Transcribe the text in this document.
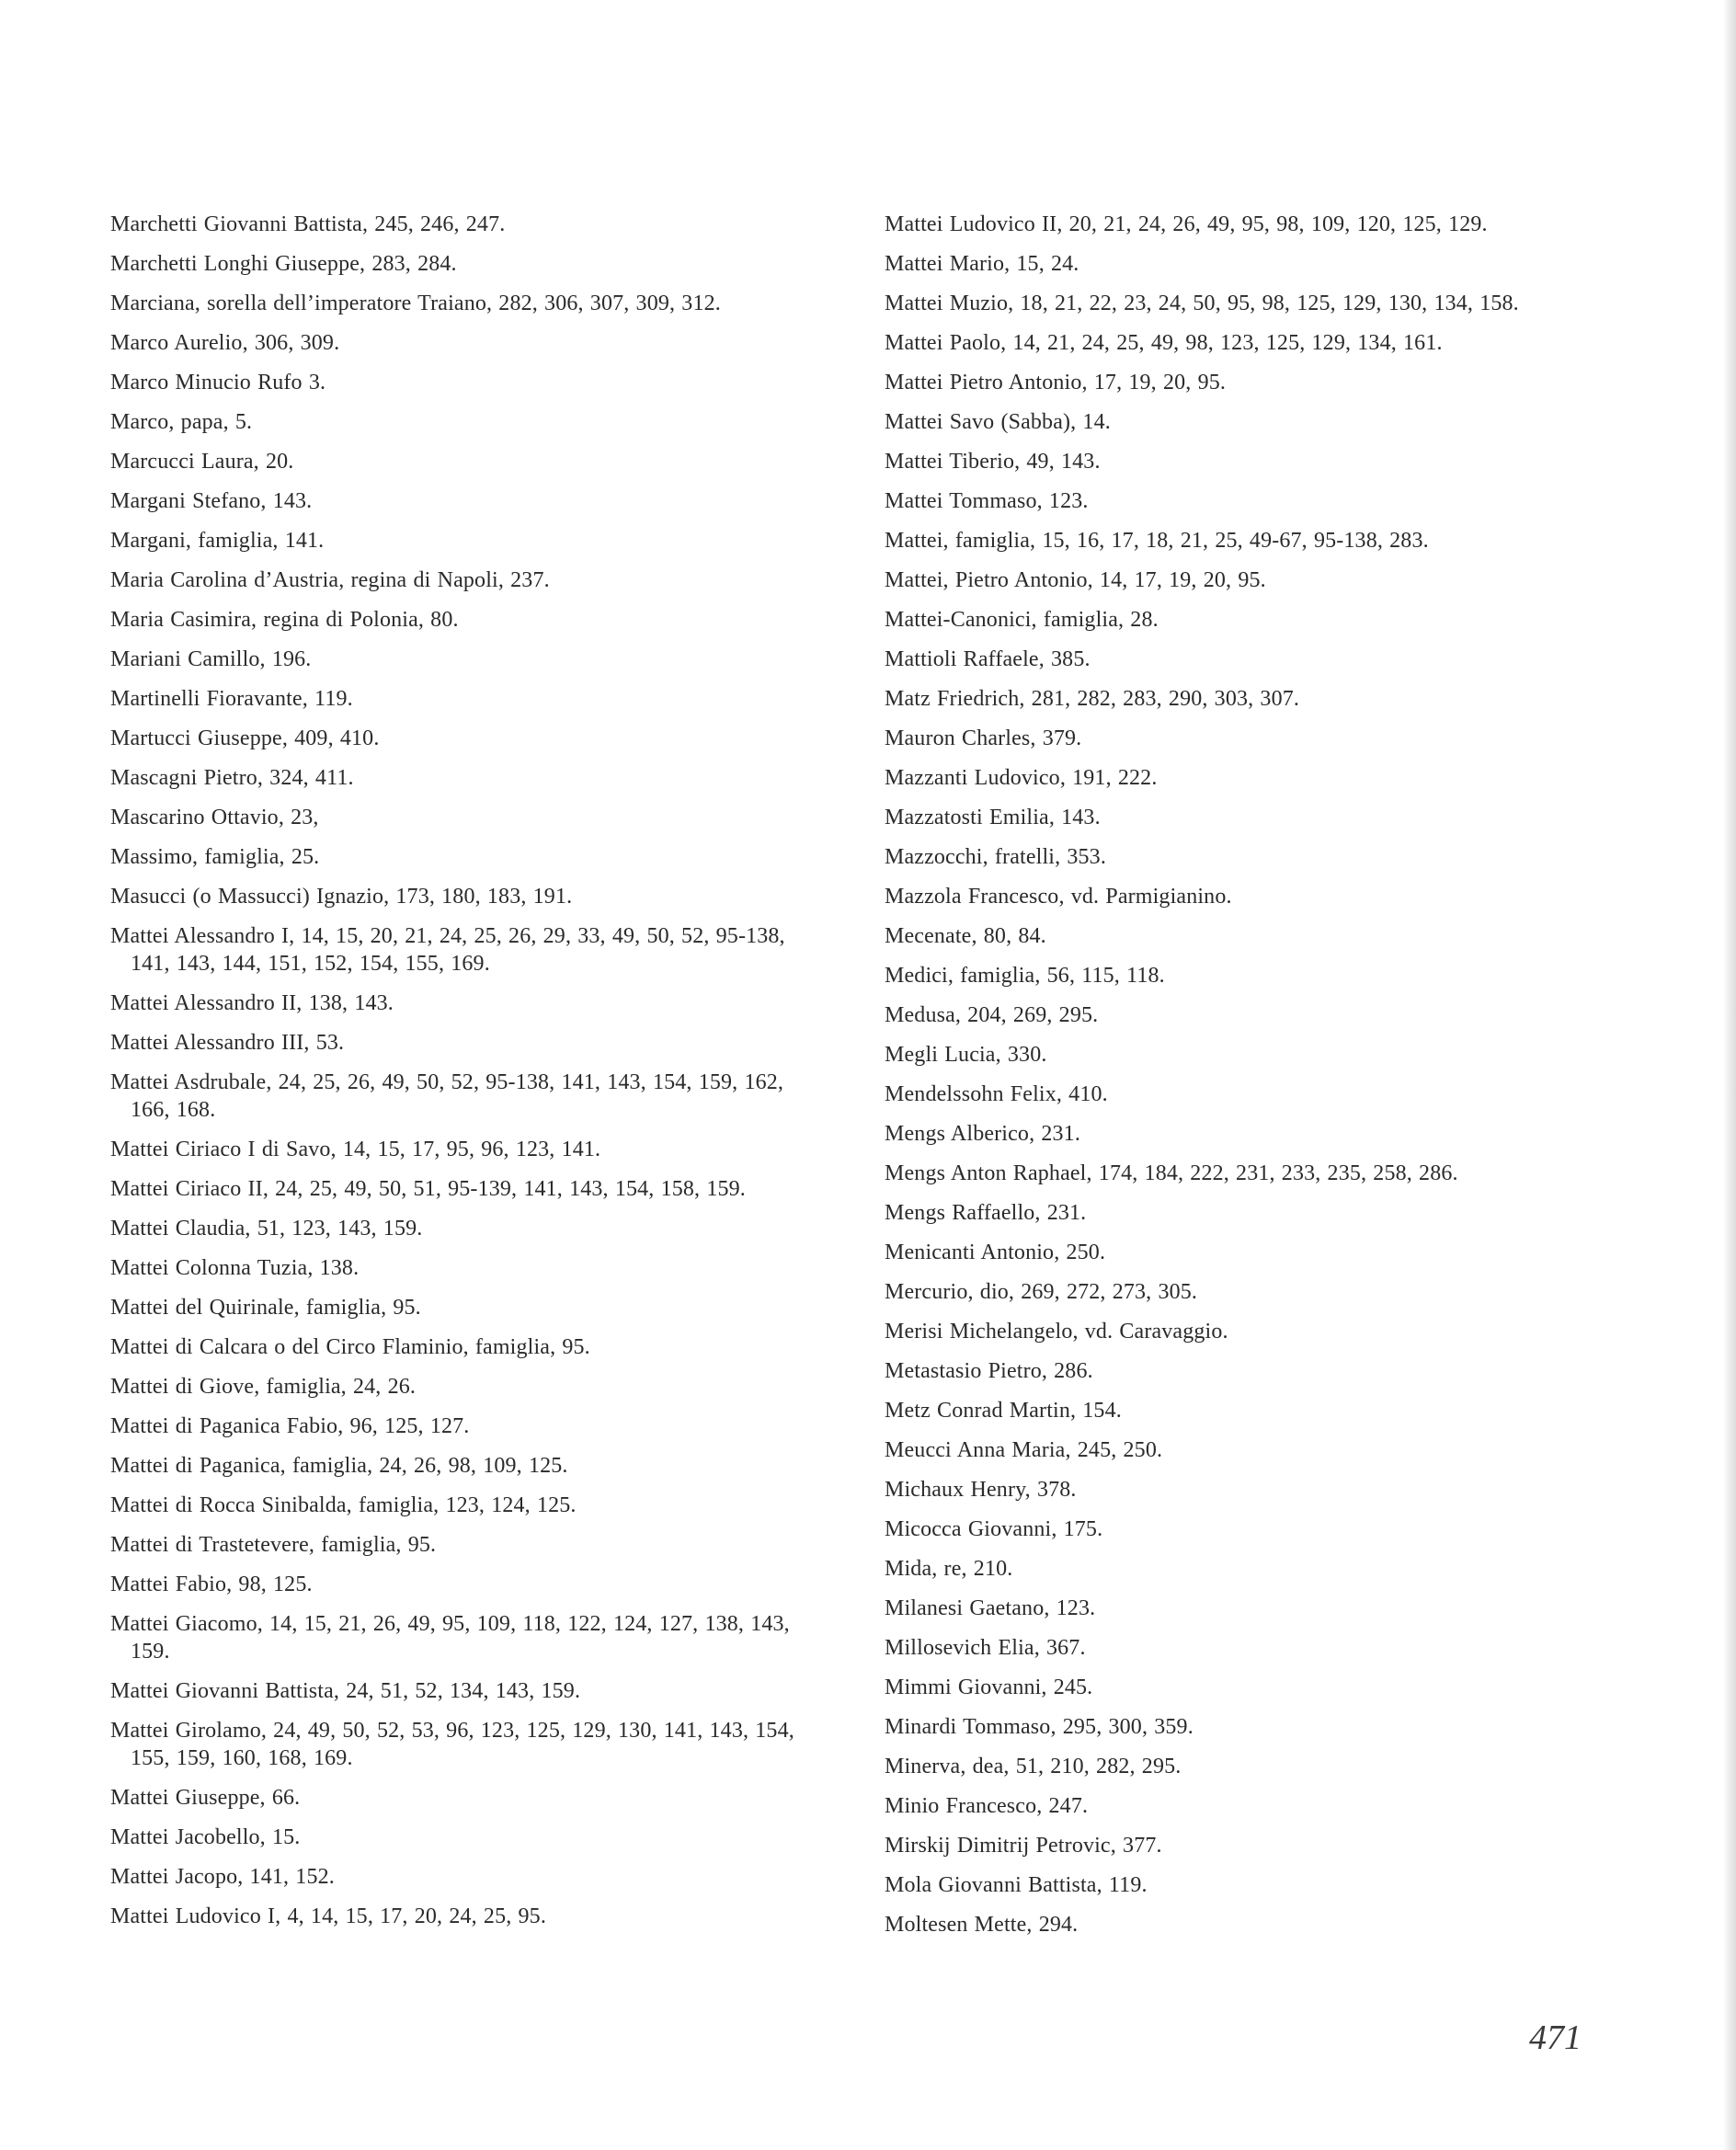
Marchetti Giovanni Battista, 245, 246, 247.
Marchetti Longhi Giuseppe, 283, 284.
Marciana, sorella dell’imperatore Traiano, 282, 306, 307, 309, 312.
Marco Aurelio, 306, 309.
Marco Minucio Rufo 3.
Marco, papa, 5.
Marcucci Laura, 20.
Margani Stefano, 143.
Margani, famiglia, 141.
Maria Carolina d’Austria, regina di Napoli, 237.
Maria Casimira, regina di Polonia, 80.
Mariani Camillo, 196.
Martinelli Fioravante, 119.
Martucci Giuseppe, 409, 410.
Mascagni Pietro, 324, 411.
Mascarino Ottavio, 23,
Massimo, famiglia, 25.
Masucci (o Massucci) Ignazio, 173, 180, 183, 191.
Mattei Alessandro I, 14, 15, 20, 21, 24, 25, 26, 29, 33, 49, 50, 52, 95-138, 141, 143, 144, 151, 152, 154, 155, 169.
Mattei Alessandro II, 138, 143.
Mattei Alessandro III, 53.
Mattei Asdrubale, 24, 25, 26, 49, 50, 52, 95-138, 141, 143, 154, 159, 162, 166, 168.
Mattei Ciriaco I di Savo, 14, 15, 17, 95, 96, 123, 141.
Mattei Ciriaco II, 24, 25, 49, 50, 51, 95-139, 141, 143, 154, 158, 159.
Mattei Claudia, 51, 123, 143, 159.
Mattei Colonna Tuzia, 138.
Mattei del Quirinale, famiglia, 95.
Mattei di Calcara o del Circo Flaminio, famiglia, 95.
Mattei di Giove, famiglia, 24, 26.
Mattei di Paganica Fabio, 96, 125, 127.
Mattei di Paganica, famiglia, 24, 26, 98, 109, 125.
Mattei di Rocca Sinibalda, famiglia, 123, 124, 125.
Mattei di Trastetevere, famiglia, 95.
Mattei Fabio, 98, 125.
Mattei Giacomo, 14, 15, 21, 26, 49, 95, 109, 118, 122, 124, 127, 138, 143, 159.
Mattei Giovanni Battista, 24, 51, 52, 134, 143, 159.
Mattei Girolamo, 24, 49, 50, 52, 53, 96, 123, 125, 129, 130, 141, 143, 154, 155, 159, 160, 168, 169.
Mattei Giuseppe, 66.
Mattei Jacobello, 15.
Mattei Jacopo, 141, 152.
Mattei Ludovico I, 4, 14, 15, 17, 20, 24, 25, 95.
Mattei Ludovico II, 20, 21, 24, 26, 49, 95, 98, 109, 120, 125, 129.
Mattei Mario, 15, 24.
Mattei Muzio, 18, 21, 22, 23, 24, 50, 95, 98, 125, 129, 130, 134, 158.
Mattei Paolo, 14, 21, 24, 25, 49, 98, 123, 125, 129, 134, 161.
Mattei Pietro Antonio, 17, 19, 20, 95.
Mattei Savo (Sabba), 14.
Mattei Tiberio, 49, 143.
Mattei Tommaso, 123.
Mattei, famiglia, 15, 16, 17, 18, 21, 25, 49-67, 95-138, 283.
Mattei, Pietro Antonio, 14, 17, 19, 20, 95.
Mattei-Canonici, famiglia, 28.
Mattioli Raffaele, 385.
Matz Friedrich, 281, 282, 283, 290, 303, 307.
Mauron Charles, 379.
Mazzanti Ludovico, 191, 222.
Mazzatosti Emilia, 143.
Mazzocchi, fratelli, 353.
Mazzola Francesco, vd. Parmigianino.
Mecenate, 80, 84.
Medici, famiglia, 56, 115, 118.
Medusa, 204, 269, 295.
Megli Lucia, 330.
Mendelssohn Felix, 410.
Mengs Alberico, 231.
Mengs Anton Raphael, 174, 184, 222, 231, 233, 235, 258, 286.
Mengs Raffaello, 231.
Menicanti Antonio, 250.
Mercurio, dio, 269, 272, 273, 305.
Merisi Michelangelo, vd. Caravaggio.
Metastasio Pietro, 286.
Metz Conrad Martin, 154.
Meucci Anna Maria, 245, 250.
Michaux Henry, 378.
Micocca Giovanni, 175.
Mida, re, 210.
Milanesi Gaetano, 123.
Millosevich Elia, 367.
Mimmi Giovanni, 245.
Minardi Tommaso, 295, 300, 359.
Minerva, dea, 51, 210, 282, 295.
Minio Francesco, 247.
Mirskij Dimitrij Petrovic, 377.
Mola Giovanni Battista, 119.
Moltesen Mette, 294.
471
